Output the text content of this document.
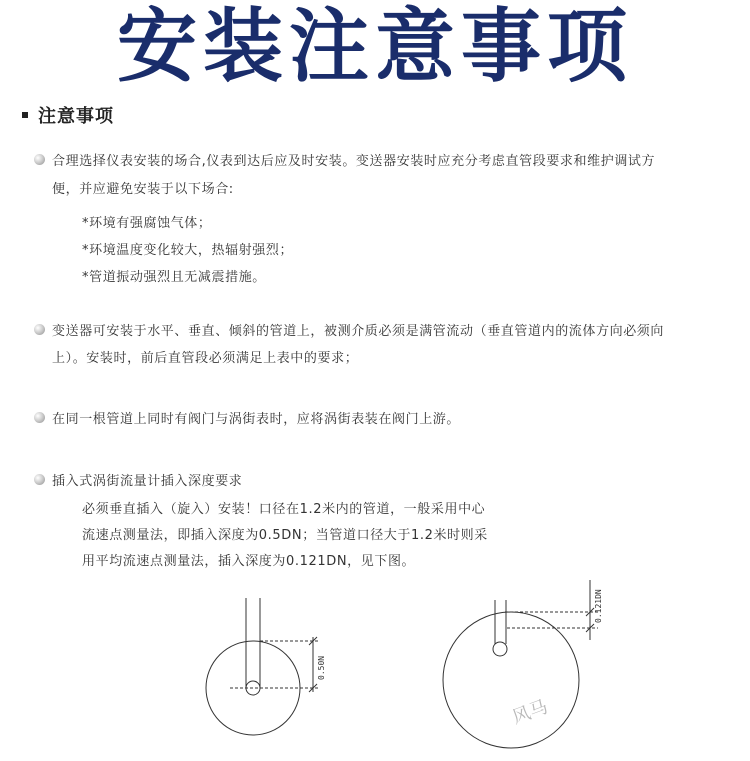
安装注意事项
注意事项
合理选择仪表安装的场合,仪表到达后应及时安装。变送器安装时应充分考虑直管段要求和维护调试方
便，并应避免安装于以下场合:
*环境有强腐蚀气体；
*环境温度变化较大，热辐射强烈；
*管道振动强烈且无减震措施。
变送器可安装于水平、垂直、倾斜的管道上，被测介质必须是满管流动（垂直管道内的流体方向必须向
上）。安装时，前后直管段必须满足上表中的要求；
在同一根管道上同时有阀门与涡街表时，应将涡街表装在阀门上游。
插入式涡街流量计插入深度要求
必须垂直插入（旋入）安装！口径在1.2米内的管道，一般采用中心
流速点测量法，即插入深度为0.5DN；当管道口径大于1.2米时则采
用平均流速点测量法，插入深度为0.121DN，见下图。
0.50N
0.121DN
风马
